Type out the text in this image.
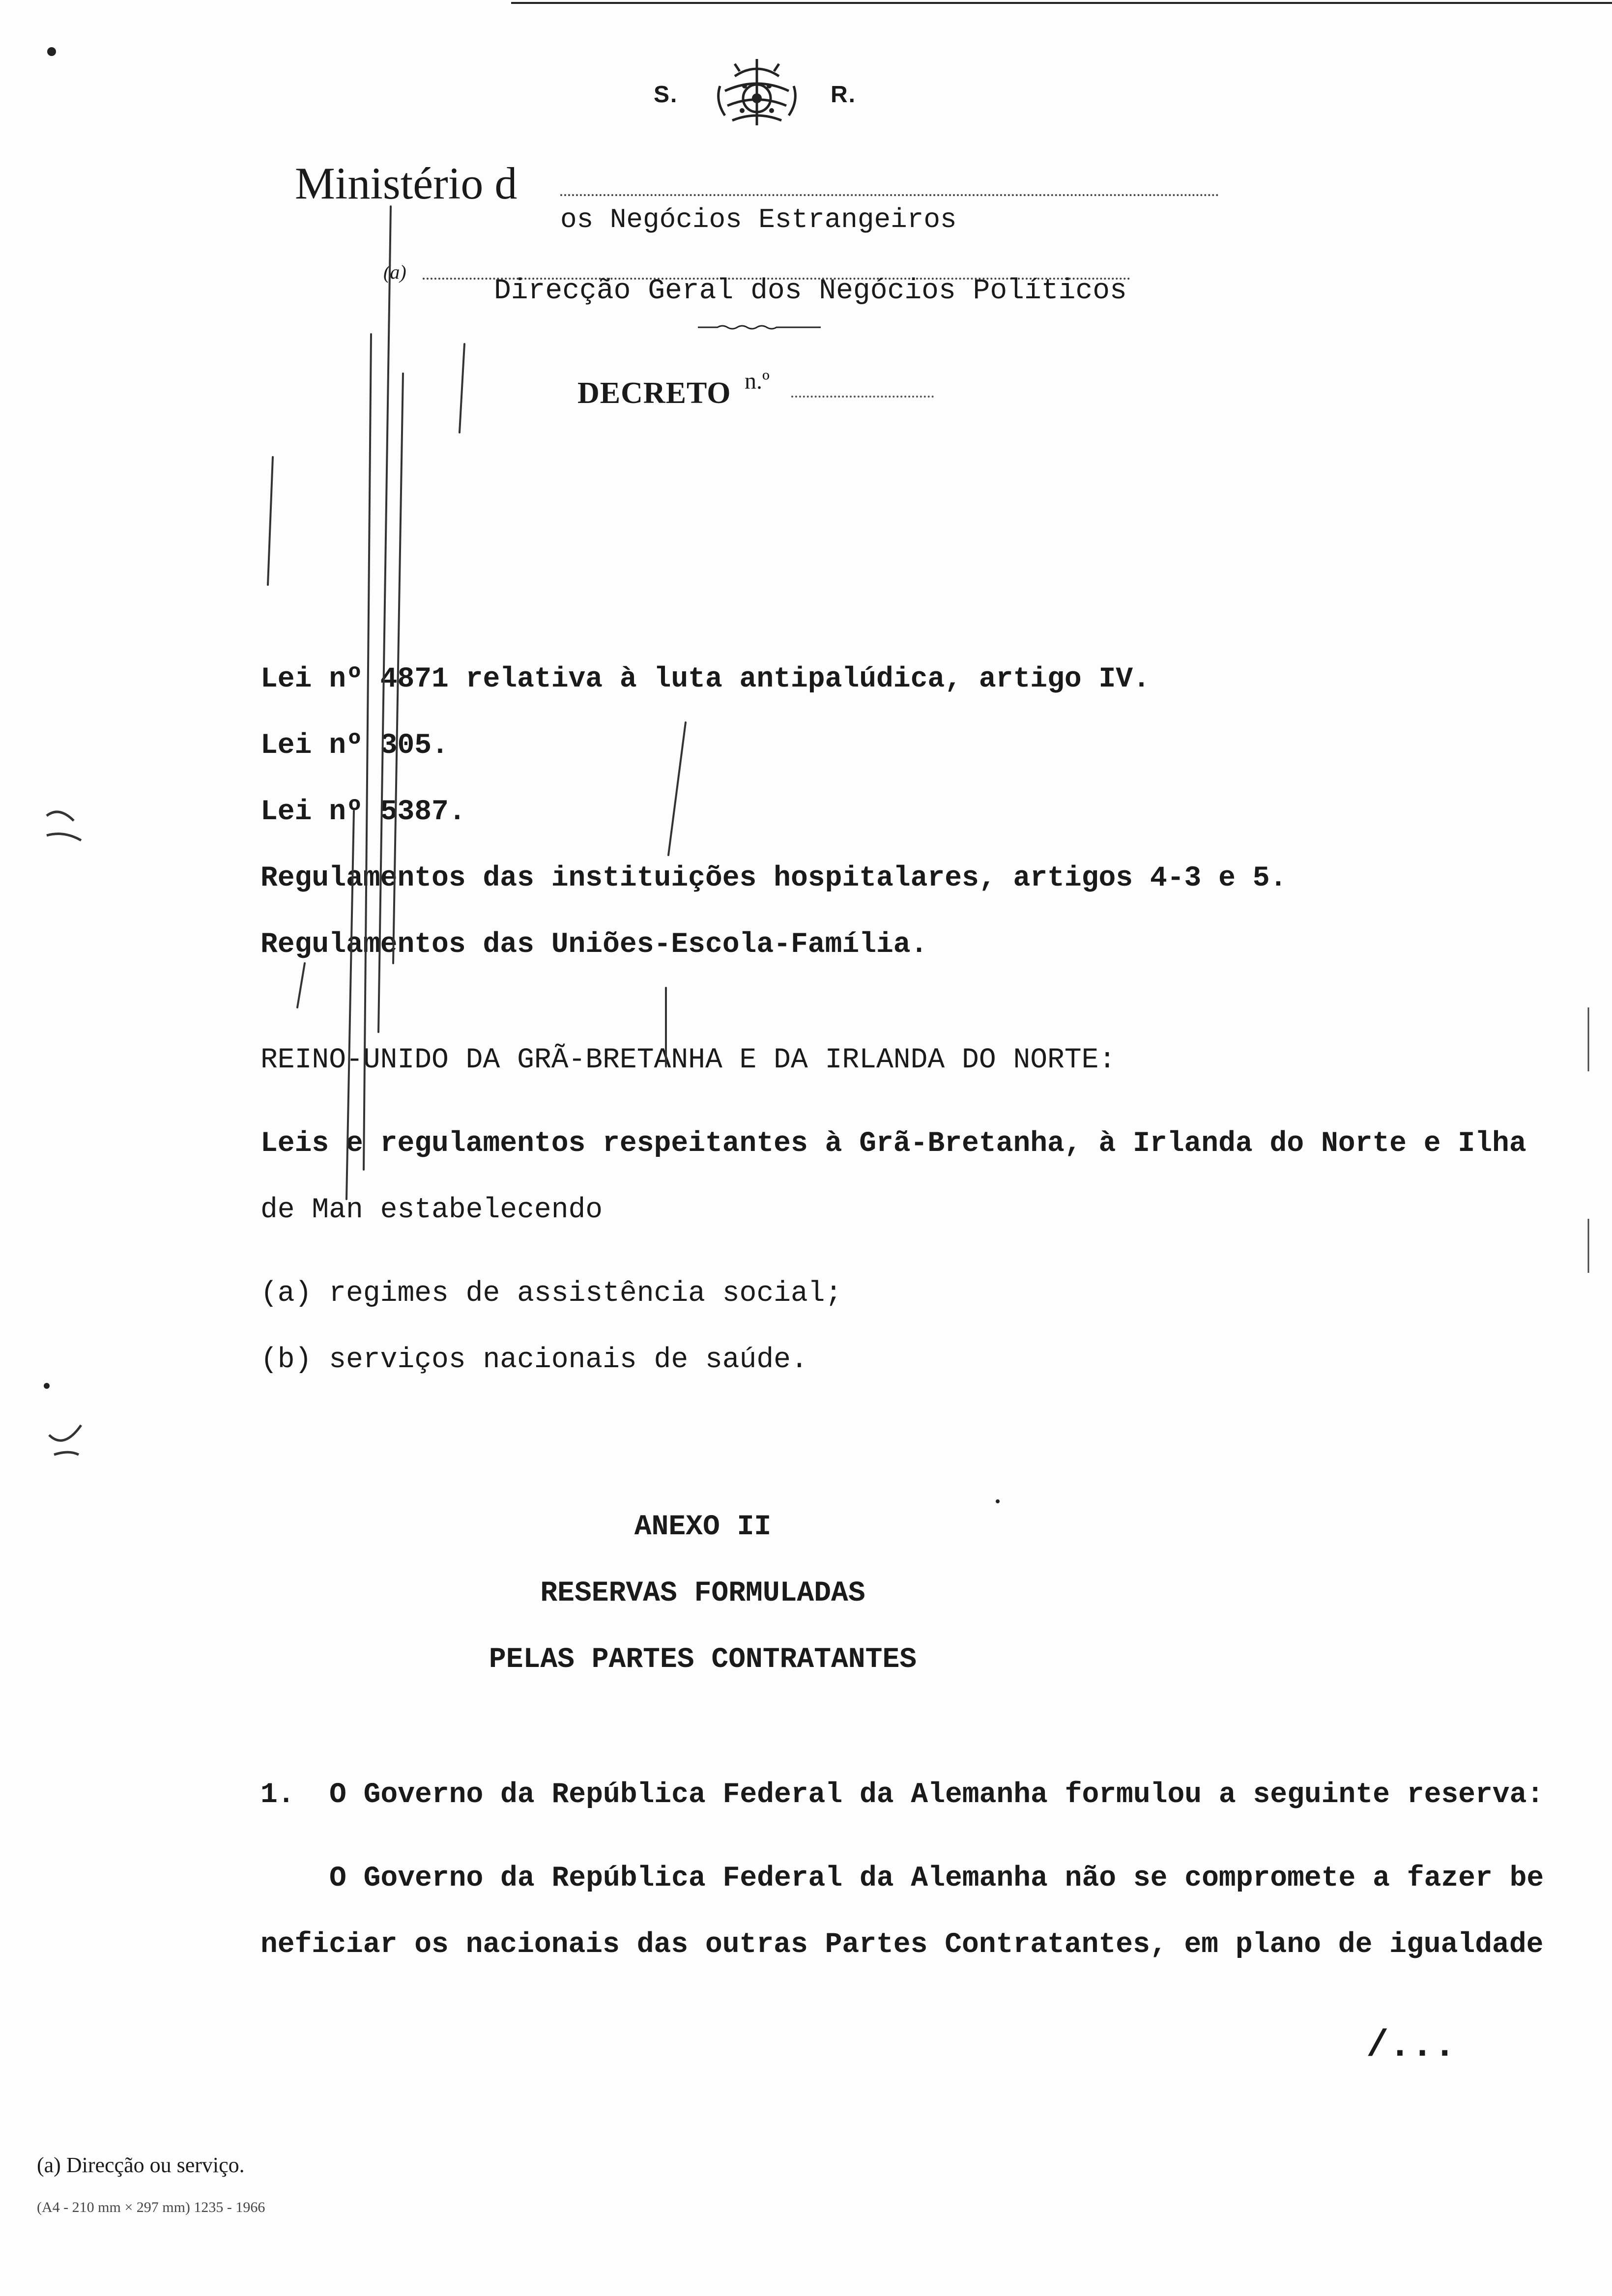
S.	R.
Ministério d
os Negócios Estrangeiros
(a)
Direcção Geral dos Negócios Políticos
DECRETO n.º
Lei nº 4871 relativa à luta antipalúdica, artigo IV.
Lei nº 305.
Lei nº 5387.
Regulamentos das instituições hospitalares, artigos 4-3 e 5.
Regulamentos das Uniões-Escola-Família.
REINO-UNIDO DA GRÃ-BRETANHA E DA IRLANDA DO NORTE:
Leis e regulamentos respeitantes à Grã-Bretanha, à Irlanda do Norte e Ilha
de Man estabelecendo
(a) regimes de assistência social;
(b) serviços nacionais de saúde.
ANEXO II
RESERVAS FORMULADAS
PELAS PARTES CONTRATANTES
1. O Governo da República Federal da Alemanha formulou a seguinte reserva:
O Governo da República Federal da Alemanha não se compromete a fazer be
neficiar os nacionais das outras Partes Contratantes, em plano de igualdade
/...
(a) Direcção ou serviço.
(A4 - 210 mm × 297 mm) 1235 - 1966
